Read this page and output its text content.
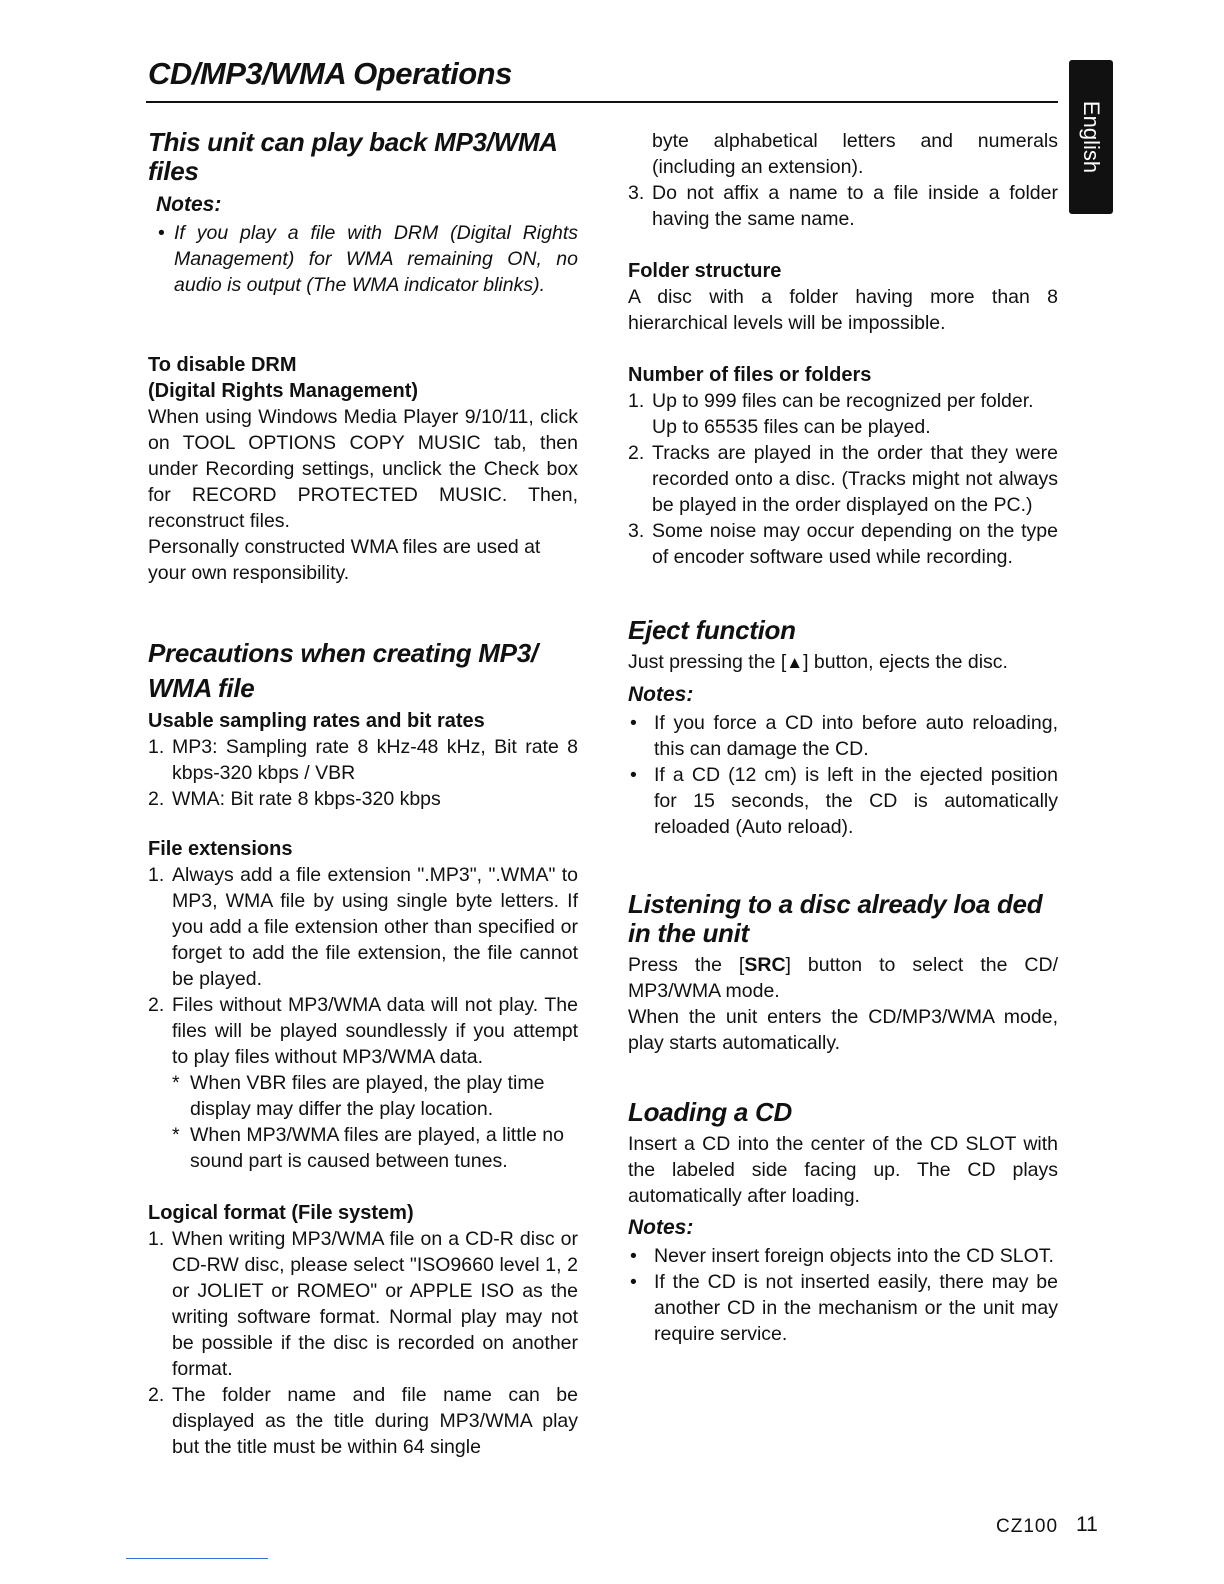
CD/MP3/WMA Operations
English
This unit can play back MP3/WMA files
Notes:

• If you play a file with DRM (Digital Rights Management) for WMA remaining ON, no audio is output (The WMA indicator blinks).

To disable DRM
(Digital Rights Management)

When using Windows Media Player 9/10/11, click on TOOL OPTIONS COPY MUSIC tab, then under Recording settings, unclick the Check box for RECORD PROTECTED MUSIC. Then, reconstruct files.

Personally constructed WMA files are used at your own responsibility.

Precautions when creating MP3/ WMA file
Usable sampling rates and bit rates
1. MP3: Sampling rate 8 kHz-48 kHz, Bit rate 8 kbps-320 kbps / VBR
2. WMA: Bit rate 8 kbps-320 kbps
File extensions
1. Always add a file extension ".MP3", ".WMA" to MP3, WMA file by using single byte letters. If you add a file extension other than specified or forget to add the file extension, the file cannot be played.
2. Files without MP3/WMA data will not play. The files will be played soundlessly if you attempt to play files without MP3/WMA data.

* When VBR files are played, the play time display may differ the play location.

* When MP3/WMA files are played, a little no sound part is caused between tunes.

Logical format (File system)
1. When writing MP3/WMA file on a CD-R disc or CD-RW disc, please select "ISO9660 level 1, 2 or JOLIET or ROMEO" or APPLE ISO as the writing software format. Normal play may not be possible if the disc is recorded on another format.
2. The folder name and file name can be displayed as the title during MP3/WMA play but the title must be within 64 single

byte alphabetical letters and numerals (including an extension).

3. Do not affix a name to a file inside a folder having the same name.
Folder structure

A disc with a folder having more than 8 hierarchical levels will be impossible.

Number of files or folders
1. Up to 999 files can be recognized per folder.
Up to 65535 files can be played.
2. Tracks are played in the order that they were recorded onto a disc. (Tracks might not always be played in the order displayed on the PC.)
3. Some noise may occur depending on the type of encoder software used while recording.
Eject function

Just pressing the [▲] button, ejects the disc.

Notes:
• If you force a CD into before auto reloading, this can damage the CD.
• If a CD (12 cm) is left in the ejected position for 15 seconds, the CD is automatically reloaded (Auto reload).
Listening to a disc already loa ded in the unit

Press the [SRC] button to select the CD/ MP3/WMA mode.

When the unit enters the CD/MP3/WMA mode, play starts automatically.

Loading a CD

Insert a CD into the center of the CD SLOT with the labeled side facing up. The CD plays automatically after loading.

Notes:
• Never insert foreign objects into the CD SLOT.
• If the CD is not inserted easily, there may be another CD in the mechanism or the unit may require service.
CZ100 11
